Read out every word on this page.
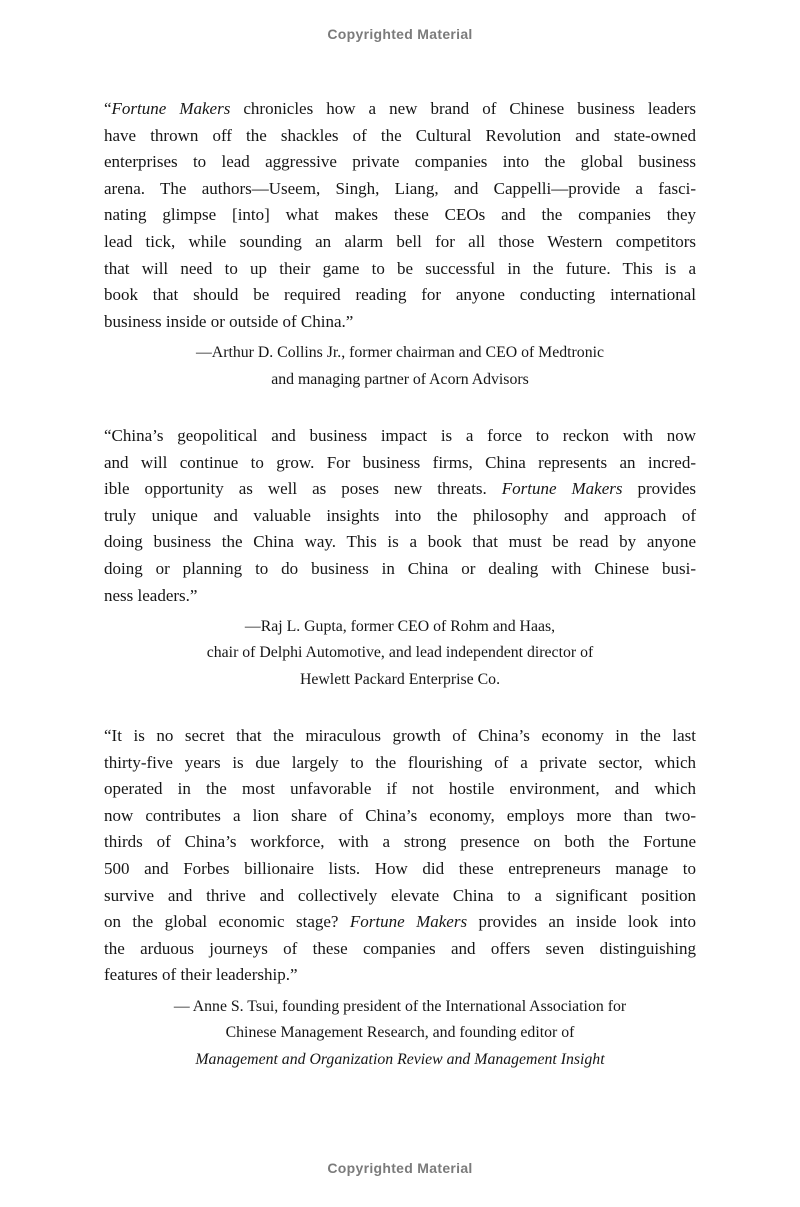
Copyrighted Material
“Fortune Makers chronicles how a new brand of Chinese business leaders
have thrown off the shackles of the Cultural Revolution and state-owned
enterprises to lead aggressive private companies into the global business
arena. The authors—Useem, Singh, Liang, and Cappelli—provide a fasci-
nating glimpse [into] what makes these CEOs and the companies they
lead tick, while sounding an alarm bell for all those Western competitors
that will need to up their game to be successful in the future. This is a
book that should be required reading for anyone conducting international
business inside or outside of China.”
—Arthur D. Collins Jr., former chairman and CEO of Medtronic
and managing partner of Acorn Advisors
“China’s geopolitical and business impact is a force to reckon with now
and will continue to grow. For business firms, China represents an incred-
ible opportunity as well as poses new threats. Fortune Makers provides
truly unique and valuable insights into the philosophy and approach of
doing business the China way. This is a book that must be read by anyone
doing or planning to do business in China or dealing with Chinese busi-
ness leaders.”
—Raj L. Gupta, former CEO of Rohm and Haas,
chair of Delphi Automotive, and lead independent director of
Hewlett Packard Enterprise Co.
“It is no secret that the miraculous growth of China’s economy in the last
thirty-five years is due largely to the flourishing of a private sector, which
operated in the most unfavorable if not hostile environment, and which
now contributes a lion share of China’s economy, employs more than two-
thirds of China’s workforce, with a strong presence on both the Fortune
500 and Forbes billionaire lists. How did these entrepreneurs manage to
survive and thrive and collectively elevate China to a significant position
on the global economic stage? Fortune Makers provides an inside look into
the arduous journeys of these companies and offers seven distinguishing
features of their leadership.”
— Anne S. Tsui, founding president of the International Association for
Chinese Management Research, and founding editor of
Management and Organization Review and Management Insight
Copyrighted Material
